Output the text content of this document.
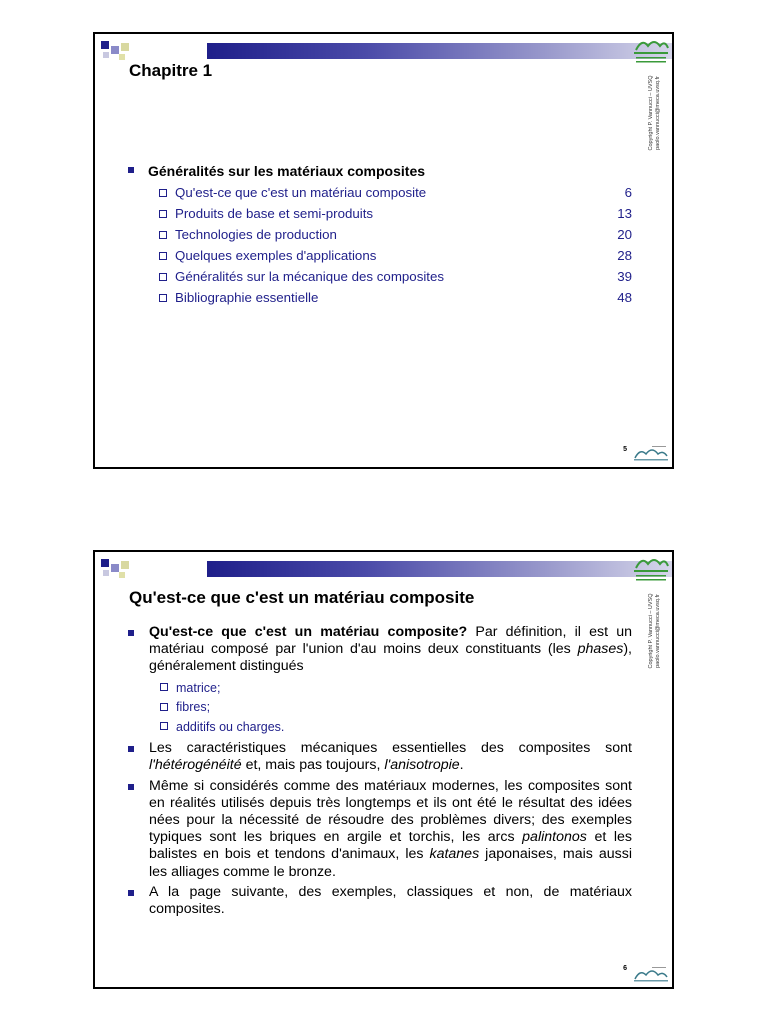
Copyright P. Vannucci – UVSQ paolo.vannucci@meca.uvsq.fr
Chapitre 1
Généralités sur les matériaux composites
Qu'est-ce que c'est un matériau composite	6
Produits de base et semi-produits	13
Technologies de production	20
Quelques exemples d'applications	28
Généralités sur la mécanique des composites	39
Bibliographie essentielle	48
5
Copyright P. Vannucci – UVSQ paolo.vannucci@meca.uvsq.fr
Qu'est-ce que c'est un matériau composite
Qu'est-ce que c'est un matériau composite? Par définition, il est un matériau composé par l'union d'au moins deux constituants (les phases), généralement distingués
matrice;
fibres;
additifs ou charges.
Les caractéristiques mécaniques essentielles des composites sont l'hétérogénéité et, mais pas toujours, l'anisotropie.
Même si considérés comme des matériaux modernes, les composites sont en réalités utilisés depuis très longtemps et ils ont été le résultat des idées nées pour la nécessité de résoudre des problèmes divers; des exemples typiques sont les briques en argile et torchis, les arcs palintonos et les balistes en bois et tendons d'animaux, les katanes japonaises, mais aussi les alliages comme le bronze.
A la page suivante, des exemples, classiques et non, de matériaux composites.
6
